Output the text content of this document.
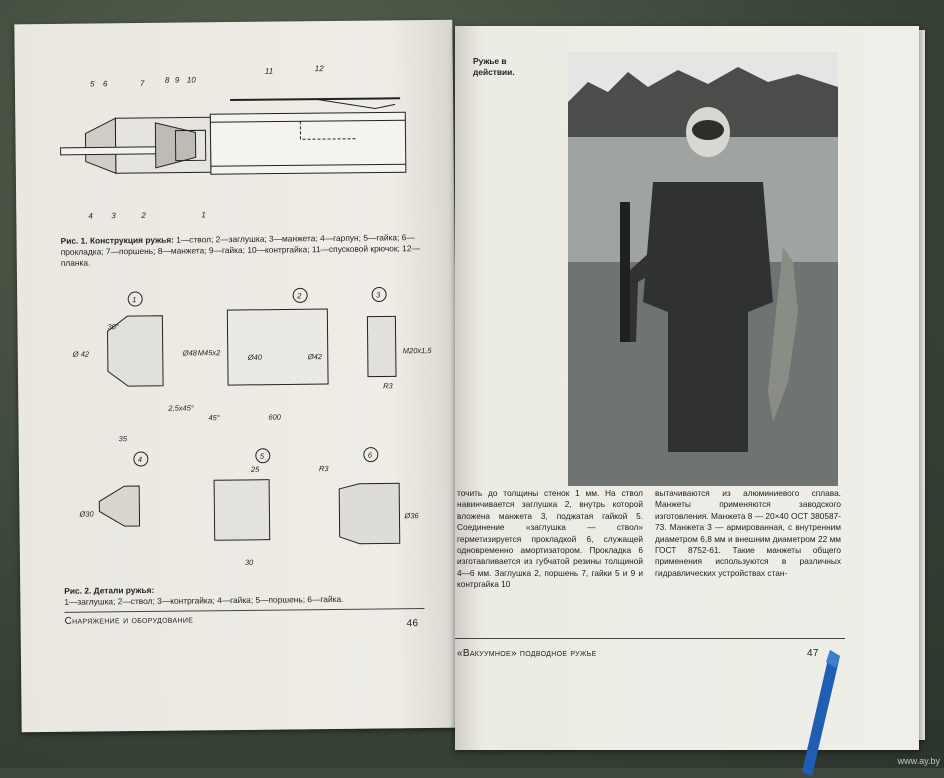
5 6	7	8 9 10
11	12
4 3	2	1
Рис. 1. Конструкция ружья: 1—ствол; 2—заглушка; 3—манжета; 4—гарпун; 5—гайка; 6—прокладка; 7—поршень; 8—манжета; 9—гайка; 10—контргайка; 11—спусковой крючок; 12—планка.
1	2	3
4	5	6
Ø 42	Ø48 M45x2	M20x1,5
R3
30°
35
2,5x45°
45°	600
Ø40	Ø42
Ø30
25
30
R3
Ø36
Рис. 2. Детали ружья:
1—заглушка; 2—ствол; 3—контргайка; 4—гайка; 5—поршень; 6—гайка.
Снаряжение и оборудование	46
Ружье в действии.
точить до толщины стенок 1 мм. На ствол навинчивается заглушка 2, внутрь которой вложена манжета 3, поджатая гайкой 5. Соединение «заглушка — ствол» герметизируется прокладкой 6, служащей одновременно амортизатором. Прокладка 6 изготавливается из губчатой резины толщиной 4—6 мм. Заглушка 2, поршень 7, гайки 5 и 9 и контргайка 10
вытачиваются из алюминиевого сплава. Манжеты применяются заводского изготовления. Манжета 8 — 20×40 ОСТ 380587-73. Манжета 3 — армированная, с внутренним диаметром 6,8 мм и внешним диаметром 22 мм ГОСТ 8752-61. Такие манжеты общего применения используются в различных гидравлических устройствах стан-
«Вакуумное» подводное ружье	47
www.ay.by
